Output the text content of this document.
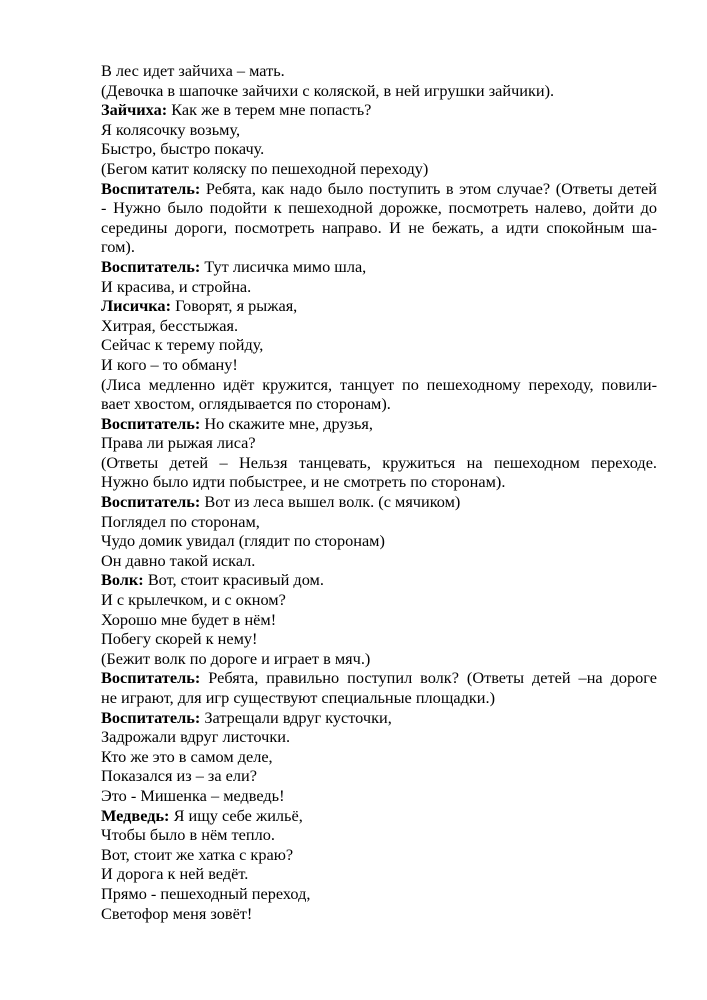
В лес идет зайчиха – мать.
(Девочка в шапочке зайчихи с коляской, в ней игрушки зайчики).
Зайчиха: Как же в терем мне попасть?
Я колясочку возьму,
Быстро, быстро покачу.
(Бегом катит коляску по пешеходной переходу)
Воспитатель: Ребята, как надо было поступить в этом случае? (Ответы детей
- Нужно было подойти к пешеходной дорожке, посмотреть налево, дойти до
середины дороги, посмотреть направо. И не бежать, а идти спокойным ша-
гом).
Воспитатель: Тут лисичка мимо шла,
И красива, и стройна.
Лисичка: Говорят, я рыжая,
Хитрая, бесстыжая.
Сейчас к терему пойду,
И кого – то обману!
(Лиса медленно идёт кружится, танцует по пешеходному переходу, повили-
вает хвостом, оглядывается по сторонам).
Воспитатель: Но скажите мне, друзья,
Права ли рыжая лиса?
(Ответы детей – Нельзя танцевать, кружиться на пешеходном переходе.
Нужно было идти побыстрее, и не смотреть по сторонам).
Воспитатель: Вот из леса вышел волк. (с мячиком)
Поглядел по сторонам,
Чудо домик увидал (глядит по сторонам)
Он давно такой искал.
Волк: Вот, стоит красивый дом.
И с крылечком, и с окном?
Хорошо мне будет в нём!
Побегу скорей к нему!
(Бежит волк по дороге и играет в мяч.)
Воспитатель: Ребята, правильно поступил волк? (Ответы детей –на дороге
не играют, для игр существуют специальные площадки.)
Воспитатель: Затрещали вдруг кусточки,
Задрожали вдруг листочки.
Кто же это в самом деле,
Показался из – за ели?
Это - Мишенка – медведь!
Медведь: Я ищу себе жильё,
Чтобы было в нём тепло.
Вот, стоит же хатка с краю?
И дорога к ней ведёт.
Прямо - пешеходный переход,
Светофор меня зовёт!
